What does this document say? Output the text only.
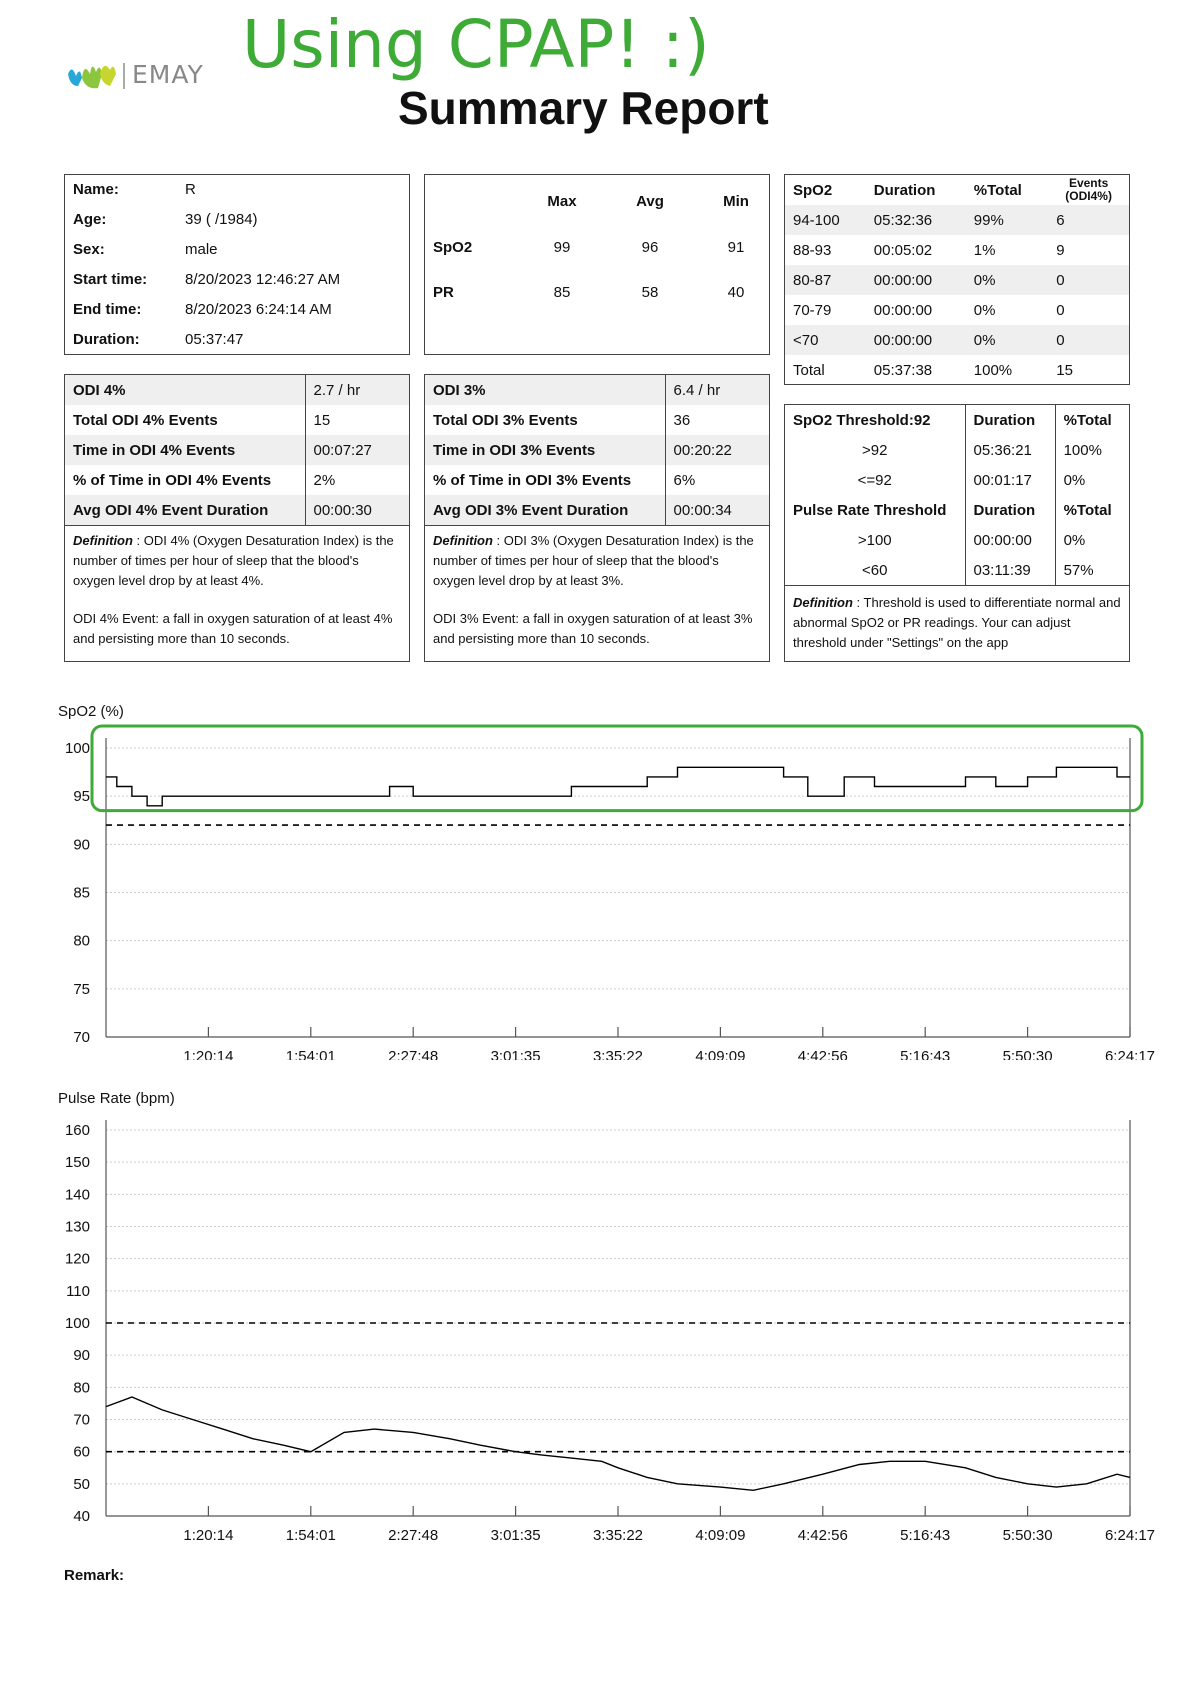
EMAY Using CPAP! :)
Summary Report
Name:	R
Age:	39 ( /1984)
Sex:	male
Start time:	8/20/2023 12:46:27 AM
End time:	8/20/2023 6:24:14 AM
Duration:	05:37:47
Max	Avg	Min
SpO2	99	96	91
PR	85	58	40
SpO2	Duration	%Total	Events
(ODI4%)
94-100	05:32:36	99%	6
88-93	00:05:02	1%	9
80-87	00:00:00	0%	0
70-79	00:00:00	0%	0
<70	00:00:00	0%	0
Total	05:37:38	100%	15
ODI 4%	2.7 / hr
Total ODI 4% Events	15
Time in ODI 4% Events	00:07:27
% of Time in ODI 4% Events	2%
Avg ODI 4% Event Duration	00:00:30
Definition : ODI 4% (Oxygen Desaturation Index) is the number of times per hour of sleep that the blood's oxygen level drop by at least 4%.
ODI 4% Event: a fall in oxygen saturation of at least 4% and persisting more than 10 seconds.
ODI 3%	6.4 / hr
Total ODI 3% Events	36
Time in ODI 3% Events	00:20:22
% of Time in ODI 3% Events	6%
Avg ODI 3% Event Duration	00:00:34
Definition : ODI 3% (Oxygen Desaturation Index) is the number of times per hour of sleep that the blood's oxygen level drop by at least 3%.
ODI 3% Event: a fall in oxygen saturation of at least 3% and persisting more than 10 seconds.
SpO2 Threshold:92	Duration	%Total
>92	05:36:21	100%
<=92	00:01:17	0%
Pulse Rate Threshold	Duration	%Total
>100	00:00:00	0%
<60	03:11:39	57%
Definition : Threshold is used to differentiate normal and abnormal SpO2 or PR readings. Your can adjust threshold under "Settings" on the app
SpO2 (%)
100
95
90
85
80
75
70
1:20:14	1:54:01	2:27:48	3:01:35	3:35:22	4:09:09	4:42:56	5:16:43	5:50:30	6:24:17
Pulse Rate (bpm)
160
150
140
130
120
110
100
90
80
70
60
50
40
1:20:14	1:54:01	2:27:48	3:01:35	3:35:22	4:09:09	4:42:56	5:16:43	5:50:30	6:24:17
Remark:
